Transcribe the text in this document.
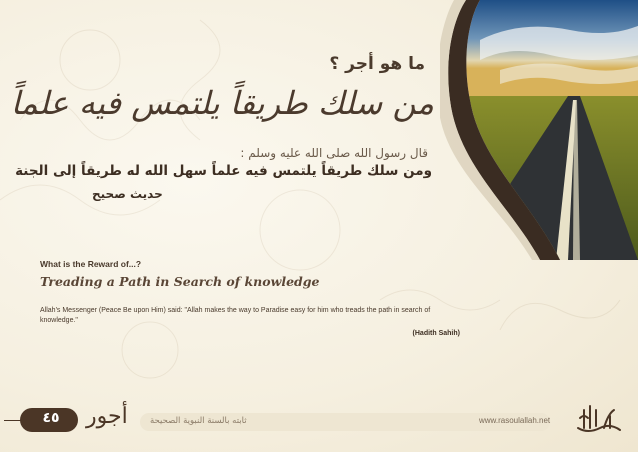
ما هو أجر ؟
من سلك طريقاً يلتمس فيه علماً
قال رسول الله صلى الله عليه وسلم :
ومن سلك طريقاً يلتمس فيه علماً سهل الله له طريقاً إلى الجنة
حديث صحيح
What is the Reward of...?
Treading a Path in Search of knowledge
Allah's Messenger (Peace Be upon Him) said: "Allah makes the way to Paradise easy for him who treads the path in search of knowledge."
(Hadith Sahih)
www.rasoulallah.net
ثابته بالسنة النبوية الصحيحة
٤٥	أجور
